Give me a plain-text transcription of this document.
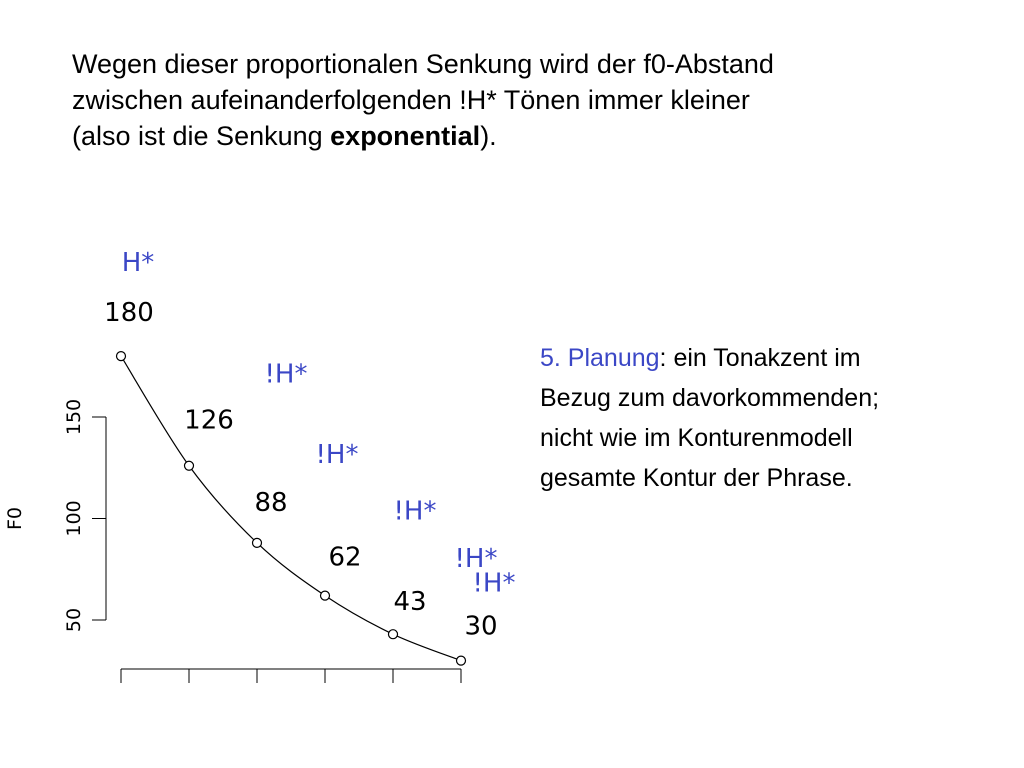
Wegen dieser proportionalen Senkung wird der f0-Abstand
zwischen aufeinanderfolgenden !H* Tönen immer kleiner
(also ist die Senkung exponential).
50
100
150
F0
180
H*
126
!H*
88
!H*
62
!H*
43
!H*
30
!H*
5. Planung: ein Tonakzent im
Bezug zum davorkommenden;
nicht wie im Konturenmodell
gesamte Kontur der Phrase.
